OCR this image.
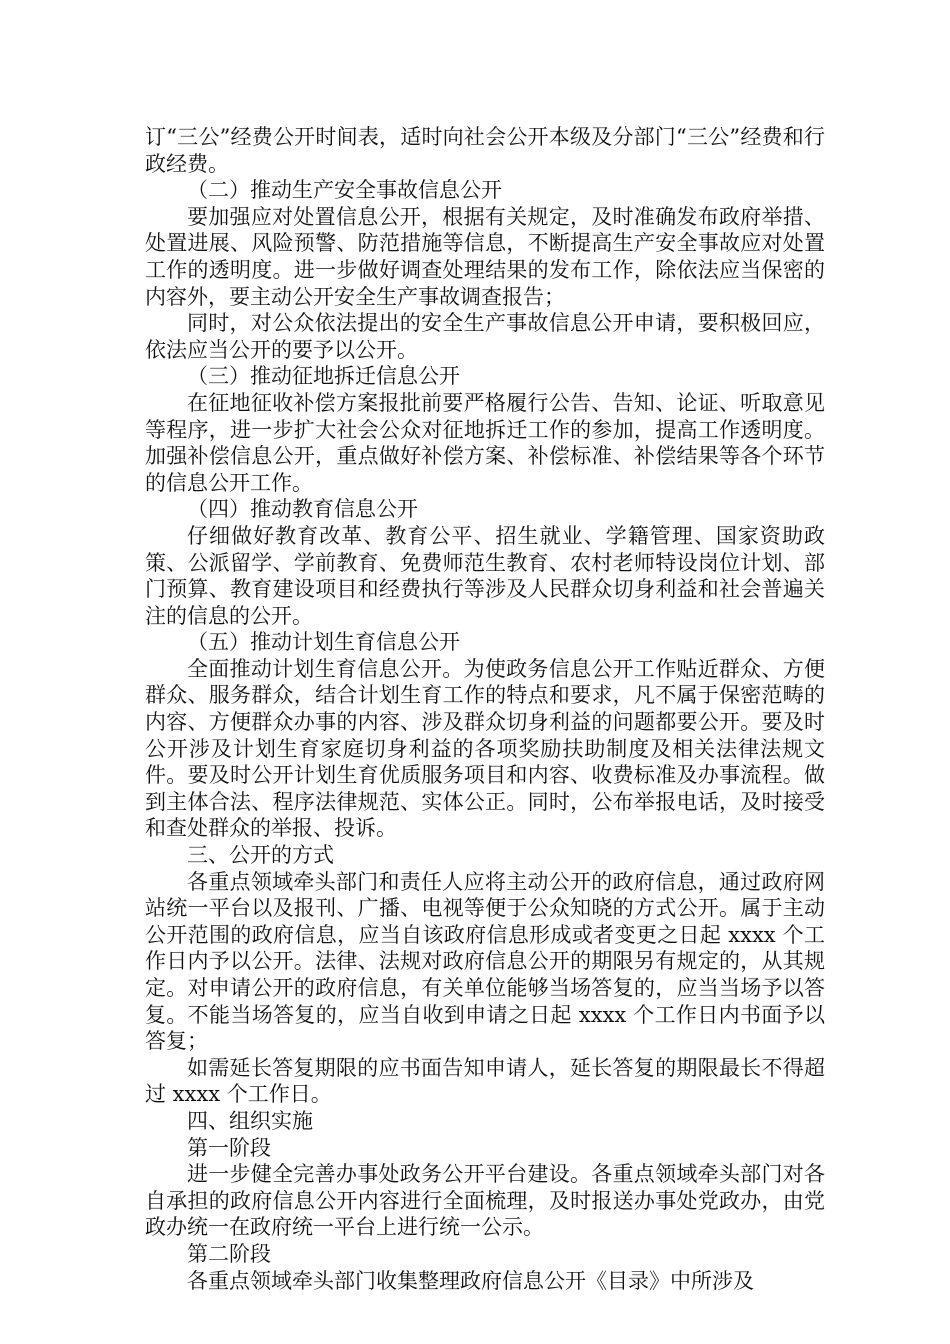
订“三公”经费公开时间表，适时向社会公开本级及分部门“三公”经费和行政经费。

（二）推动生产安全事故信息公开

要加强应对处置信息公开，根据有关规定，及时准确发布政府举措、处置进展、风险预警、防范措施等信息，不断提高生产安全事故应对处置工作的透明度。进一步做好调查处理结果的发布工作，除依法应当保密的内容外，要主动公开安全生产事故调查报告；

同时，对公众依法提出的安全生产事故信息公开申请，要积极回应，依法应当公开的要予以公开。

（三）推动征地拆迁信息公开

在征地征收补偿方案报批前要严格履行公告、告知、论证、听取意见等程序，进一步扩大社会公众对征地拆迁工作的参加，提高工作透明度。加强补偿信息公开，重点做好补偿方案、补偿标准、补偿结果等各个环节的信息公开工作。

（四）推动教育信息公开

仔细做好教育改革、教育公平、招生就业、学籍管理、国家资助政策、公派留学、学前教育、免费师范生教育、农村老师特设岗位计划、部门预算、教育建设项目和经费执行等涉及人民群众切身利益和社会普遍关注的信息的公开。

（五）推动计划生育信息公开

全面推动计划生育信息公开。为使政务信息公开工作贴近群众、方便群众、服务群众，结合计划生育工作的特点和要求，凡不属于保密范畴的内容、方便群众办事的内容、涉及群众切身利益的问题都要公开。要及时公开涉及计划生育家庭切身利益的各项奖励扶助制度及相关法律法规文件。要及时公开计划生育优质服务项目和内容、收费标准及办事流程。做到主体合法、程序法律规范、实体公正。同时，公布举报电话，及时接受和查处群众的举报、投诉。

三、公开的方式

各重点领域牵头部门和责任人应将主动公开的政府信息，通过政府网站统一平台以及报刊、广播、电视等便于公众知晓的方式公开。属于主动公开范围的政府信息，应当自该政府信息形成或者变更之日起 xxxx 个工作日内予以公开。法律、法规对政府信息公开的期限另有规定的，从其规定。对申请公开的政府信息，有关单位能够当场答复的，应当当场予以答复。不能当场答复的，应当自收到申请之日起 xxxx 个工作日内书面予以答复；

如需延长答复期限的应书面告知申请人，延长答复的期限最长不得超过 xxxx 个工作日。

四、组织实施

第一阶段

进一步健全完善办事处政务公开平台建设。各重点领域牵头部门对各自承担的政府信息公开内容进行全面梳理，及时报送办事处党政办，由党政办统一在政府统一平台上进行统一公示。

第二阶段

各重点领域牵头部门收集整理政府信息公开《目录》中所涉及
